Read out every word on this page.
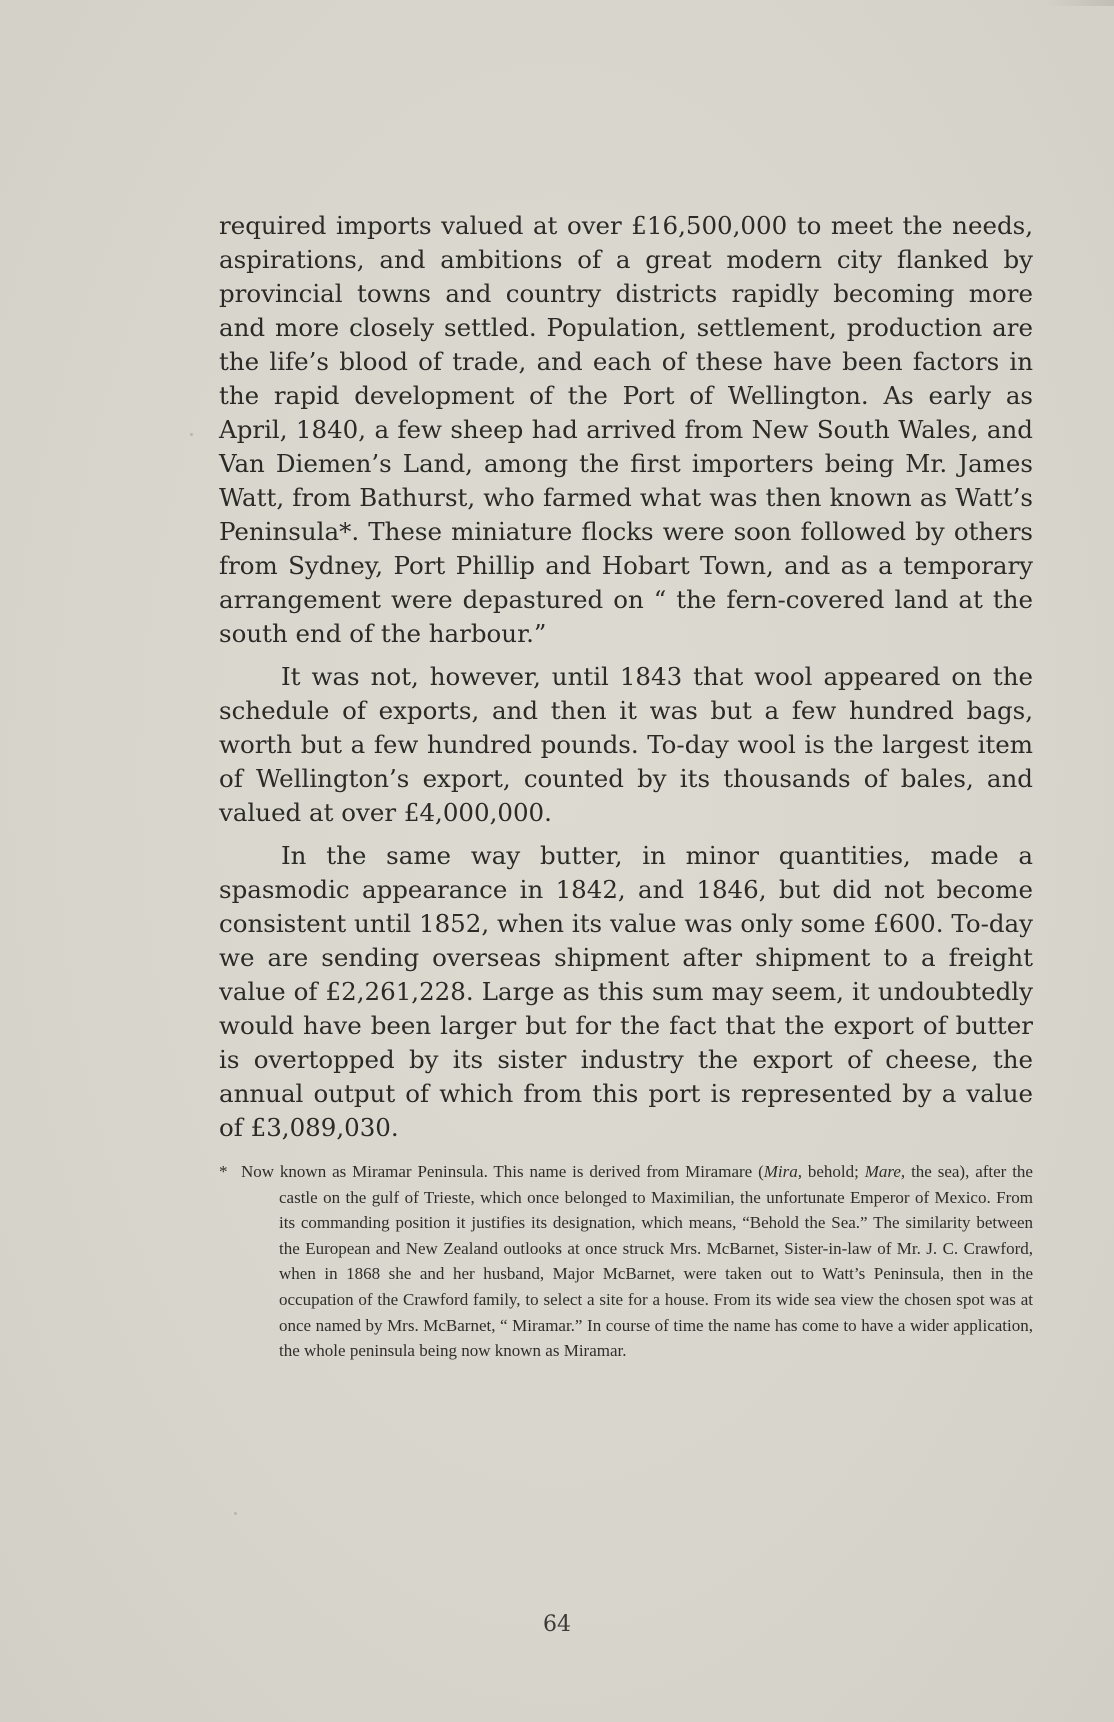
required imports valued at over £16,500,000 to meet the needs, aspirations, and ambitions of a great modern city flanked by provincial towns and country districts rapidly becoming more and more closely settled. Population, settlement, production are the life’s blood of trade, and each of these have been factors in the rapid development of the Port of Wellington. As early as April, 1840, a few sheep had arrived from New South Wales, and Van Diemen’s Land, among the first importers being Mr. James Watt, from Bathurst, who farmed what was then known as Watt’s Peninsula*. These miniature flocks were soon followed by others from Sydney, Port Phillip and Hobart Town, and as a temporary arrangement were depastured on “ the fern-covered land at the south end of the harbour.”

It was not, however, until 1843 that wool appeared on the schedule of exports, and then it was but a few hundred bags, worth but a few hundred pounds. To-day wool is the largest item of Wellington’s export, counted by its thousands of bales, and valued at over £4,000,000.

In the same way butter, in minor quantities, made a spasmodic appearance in 1842, and 1846, but did not become consistent until 1852, when its value was only some £600. To-day we are sending overseas shipment after shipment to a freight value of £2,261,228. Large as this sum may seem, it undoubtedly would have been larger but for the fact that the export of butter is overtopped by its sister industry the export of cheese, the annual output of which from this port is represented by a value of £3,089,030.

* Now known as Miramar Peninsula. This name is derived from Miramare (Mira, behold; Mare, the sea), after the castle on the gulf of Trieste, which once belonged to Maximilian, the unfortunate Emperor of Mexico. From its commanding position it justifies its designation, which means, “Behold the Sea.” The similarity between the European and New Zealand outlooks at once struck Mrs. McBarnet, Sister-in-law of Mr. J. C. Crawford, when in 1868 she and her husband, Major McBarnet, were taken out to Watt’s Peninsula, then in the occupation of the Crawford family, to select a site for a house. From its wide sea view the chosen spot was at once named by Mrs. McBarnet, “ Miramar.” In course of time the name has come to have a wider application, the whole peninsula being now known as Miramar.
64
